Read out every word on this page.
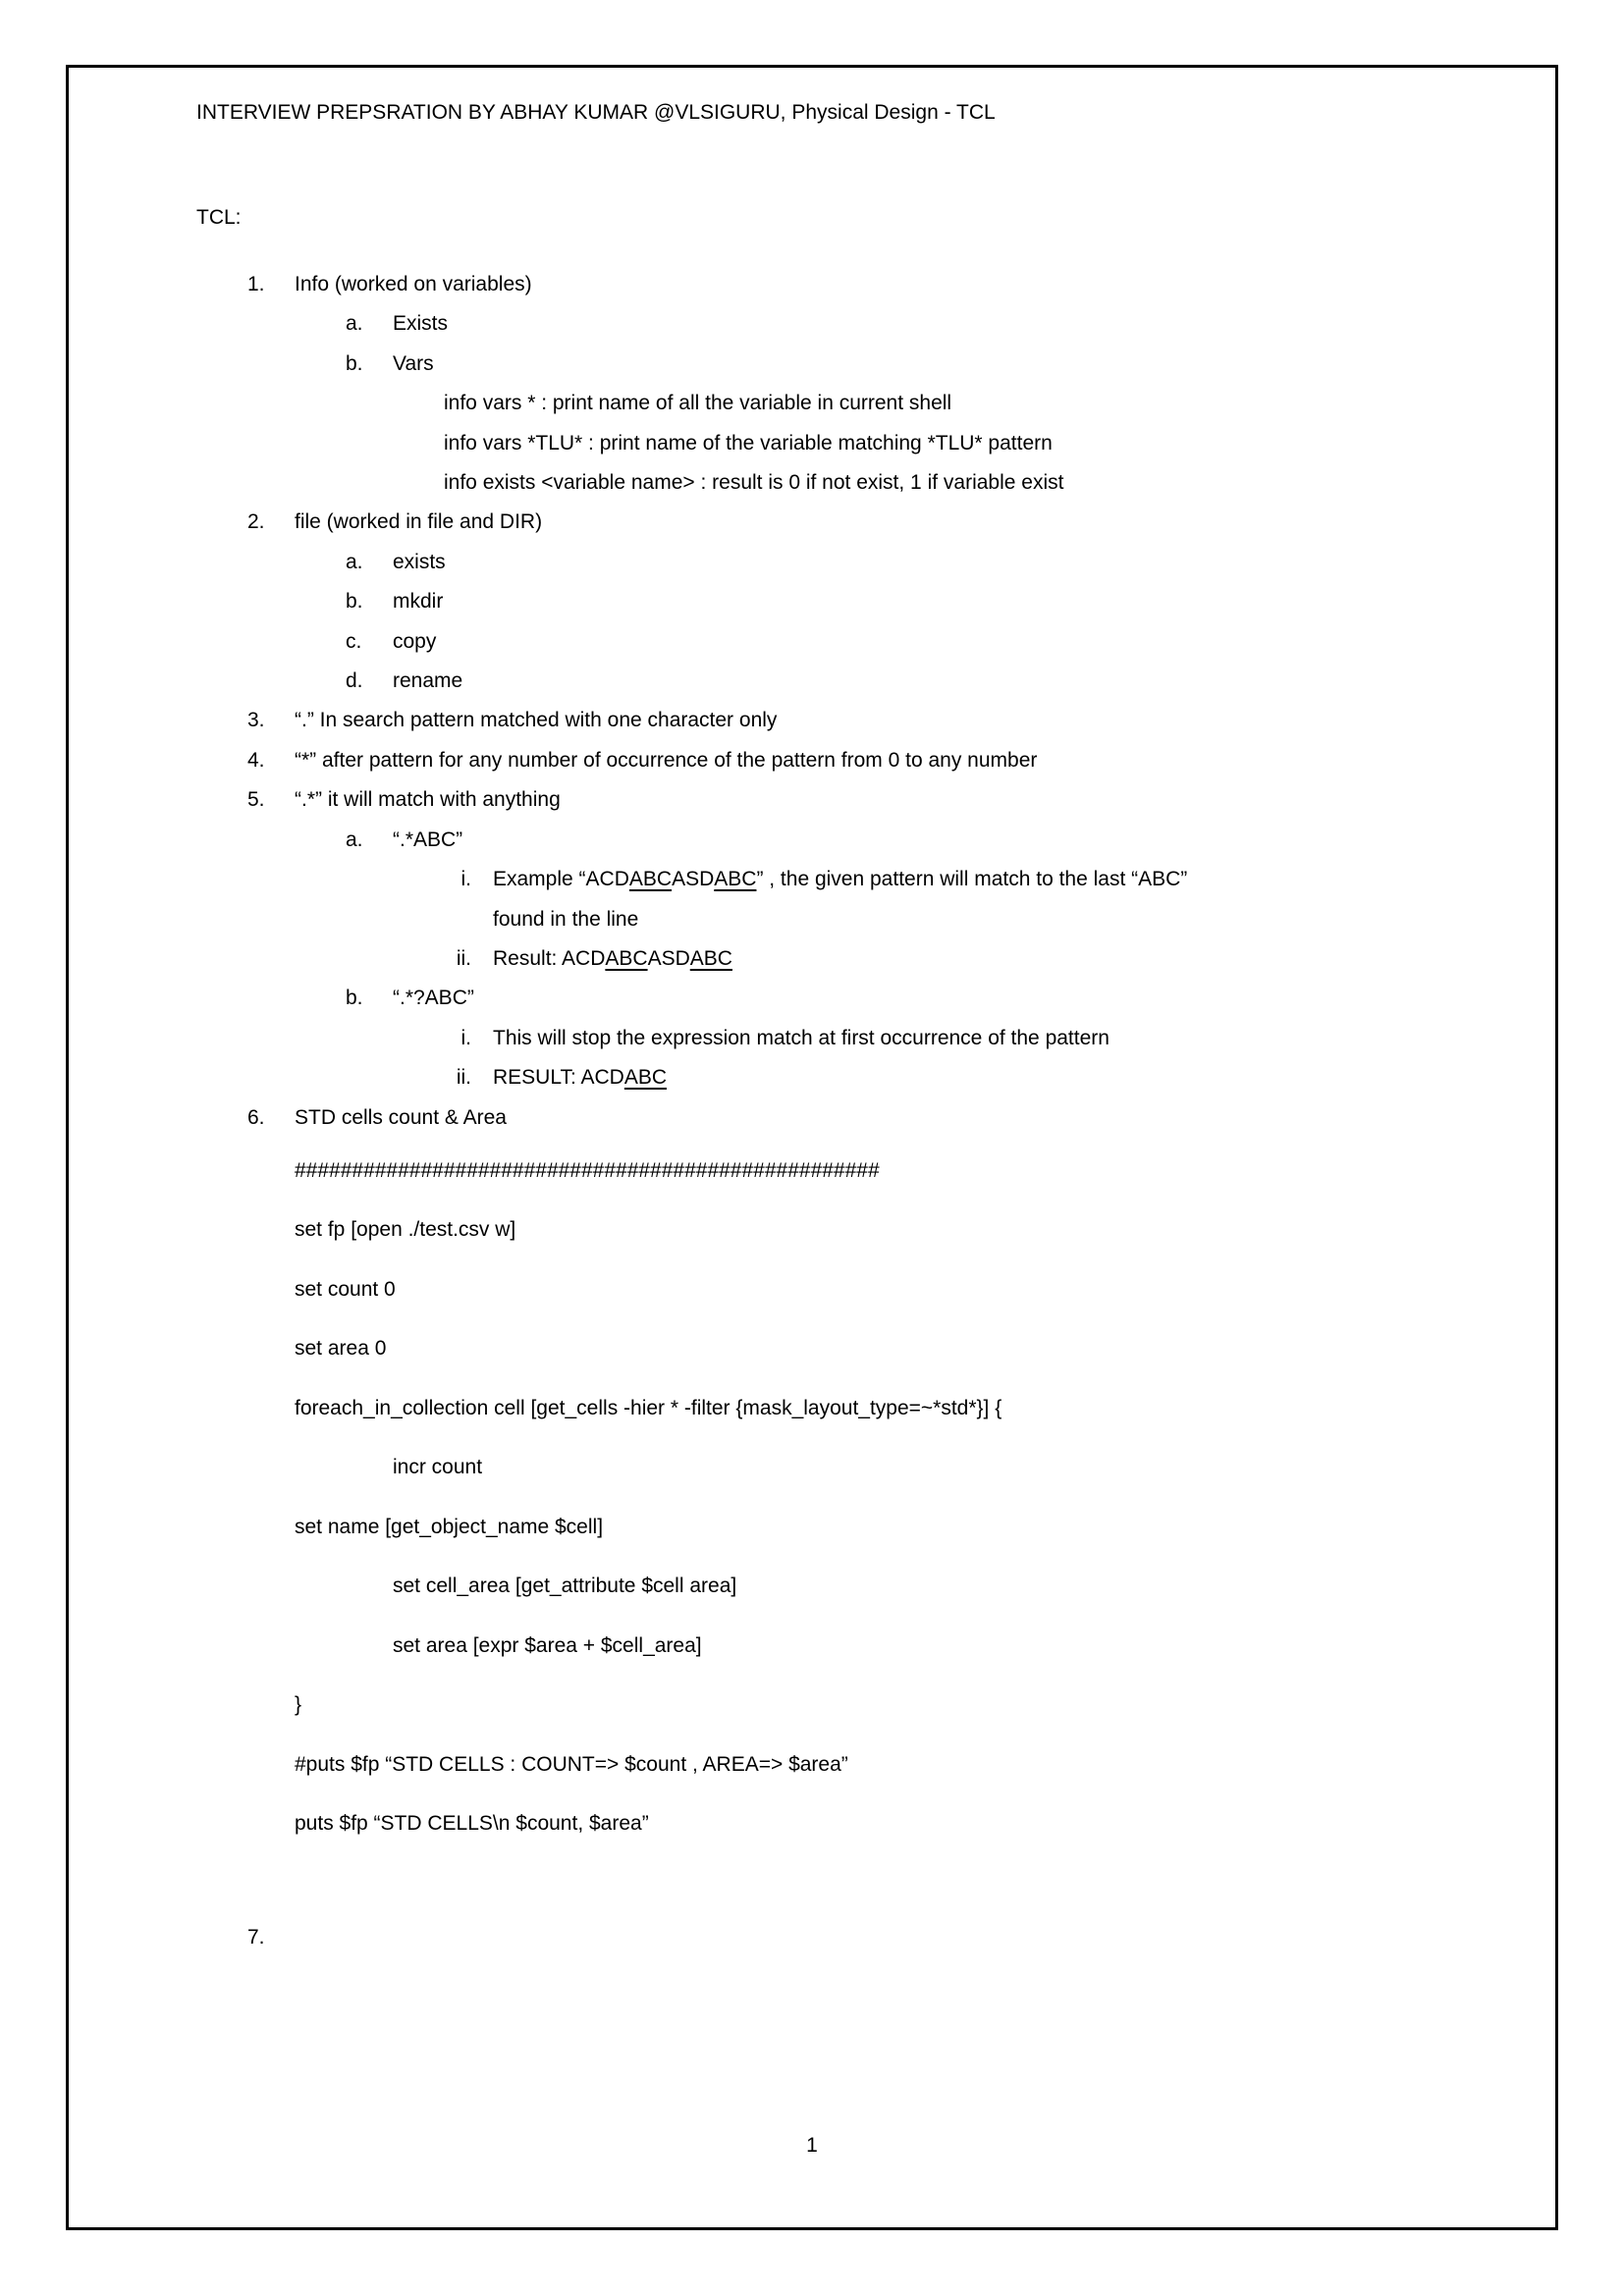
INTERVIEW PREPSRATION BY ABHAY KUMAR @VLSIGURU, Physical Design - TCL
TCL:
1. Info (worked on variables)
a. Exists
b. Vars
info vars * : print name of all the variable in current shell
info vars *TLU* : print name of the variable matching *TLU* pattern
info exists <variable name> : result is 0 if not exist, 1 if variable exist
2. file (worked in file and DIR)
a. exists
b. mkdir
c. copy
d. rename
3. “.” In search pattern matched with one character only
4. “*” after pattern for any number of occurrence of the pattern from 0 to any number
5. “.*” it will match with anything
a. “.*ABC”
i. Example “ACDABCASDABC” , the given pattern will match to the last “ABC”
found in the line
ii. Result: ACDABCASDABC
b. “.*?ABC”
i. This will stop the expression match at first occurrence of the pattern
ii. RESULT: ACDABC
6. STD cells count & Area
###################################################
set fp [open ./test.csv w]
set count 0
set area 0
foreach_in_collection cell [get_cells -hier * -filter {mask_layout_type=~*std*}] {
incr count
set name [get_object_name $cell]
set cell_area [get_attribute $cell area]
set area [expr $area + $cell_area]
}
#puts $fp “STD CELLS : COUNT=> $count , AREA=> $area”
puts $fp “STD CELLS\n $count, $area”
7.
1
